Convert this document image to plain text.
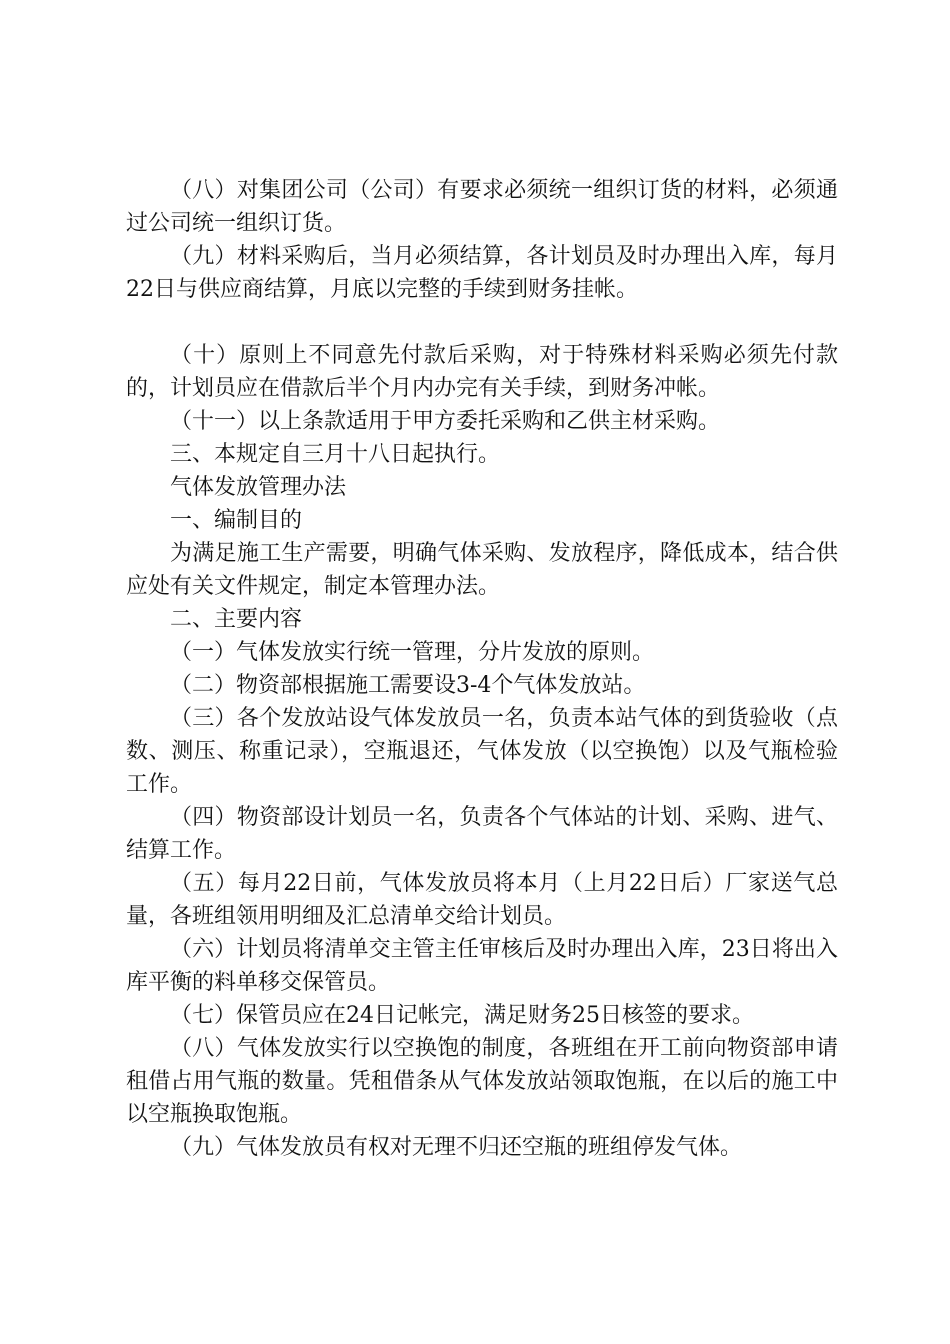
（八）对集团公司（公司）有要求必须统一组织订货的材料，必须通过公司统一组织订货。

（九）材料采购后，当月必须结算，各计划员及时办理出入库，每月22日与供应商结算，月底以完整的手续到财务挂帐。

（十）原则上不同意先付款后采购，对于特殊材料采购必须先付款的，计划员应在借款后半个月内办完有关手续，到财务冲帐。

（十一）以上条款适用于甲方委托采购和乙供主材采购。

三、本规定自三月十八日起执行。

气体发放管理办法

一、编制目的

为满足施工生产需要，明确气体采购、发放程序，降低成本，结合供应处有关文件规定，制定本管理办法。

二、主要内容

（一）气体发放实行统一管理，分片发放的原则。

（二）物资部根据施工需要设3-4个气体发放站。

（三）各个发放站设气体发放员一名，负责本站气体的到货验收（点数、测压、称重记录），空瓶退还，气体发放（以空换饱）以及气瓶检验工作。

（四）物资部设计划员一名，负责各个气体站的计划、采购、进气、结算工作。

（五）每月22日前，气体发放员将本月（上月22日后）厂家送气总量，各班组领用明细及汇总清单交给计划员。

（六）计划员将清单交主管主任审核后及时办理出入库，23日将出入库平衡的料单移交保管员。

（七）保管员应在24日记帐完，满足财务25日核签的要求。

（八）气体发放实行以空换饱的制度，各班组在开工前向物资部申请租借占用气瓶的数量。凭租借条从气体发放站领取饱瓶，在以后的施工中以空瓶换取饱瓶。

（九）气体发放员有权对无理不归还空瓶的班组停发气体。
